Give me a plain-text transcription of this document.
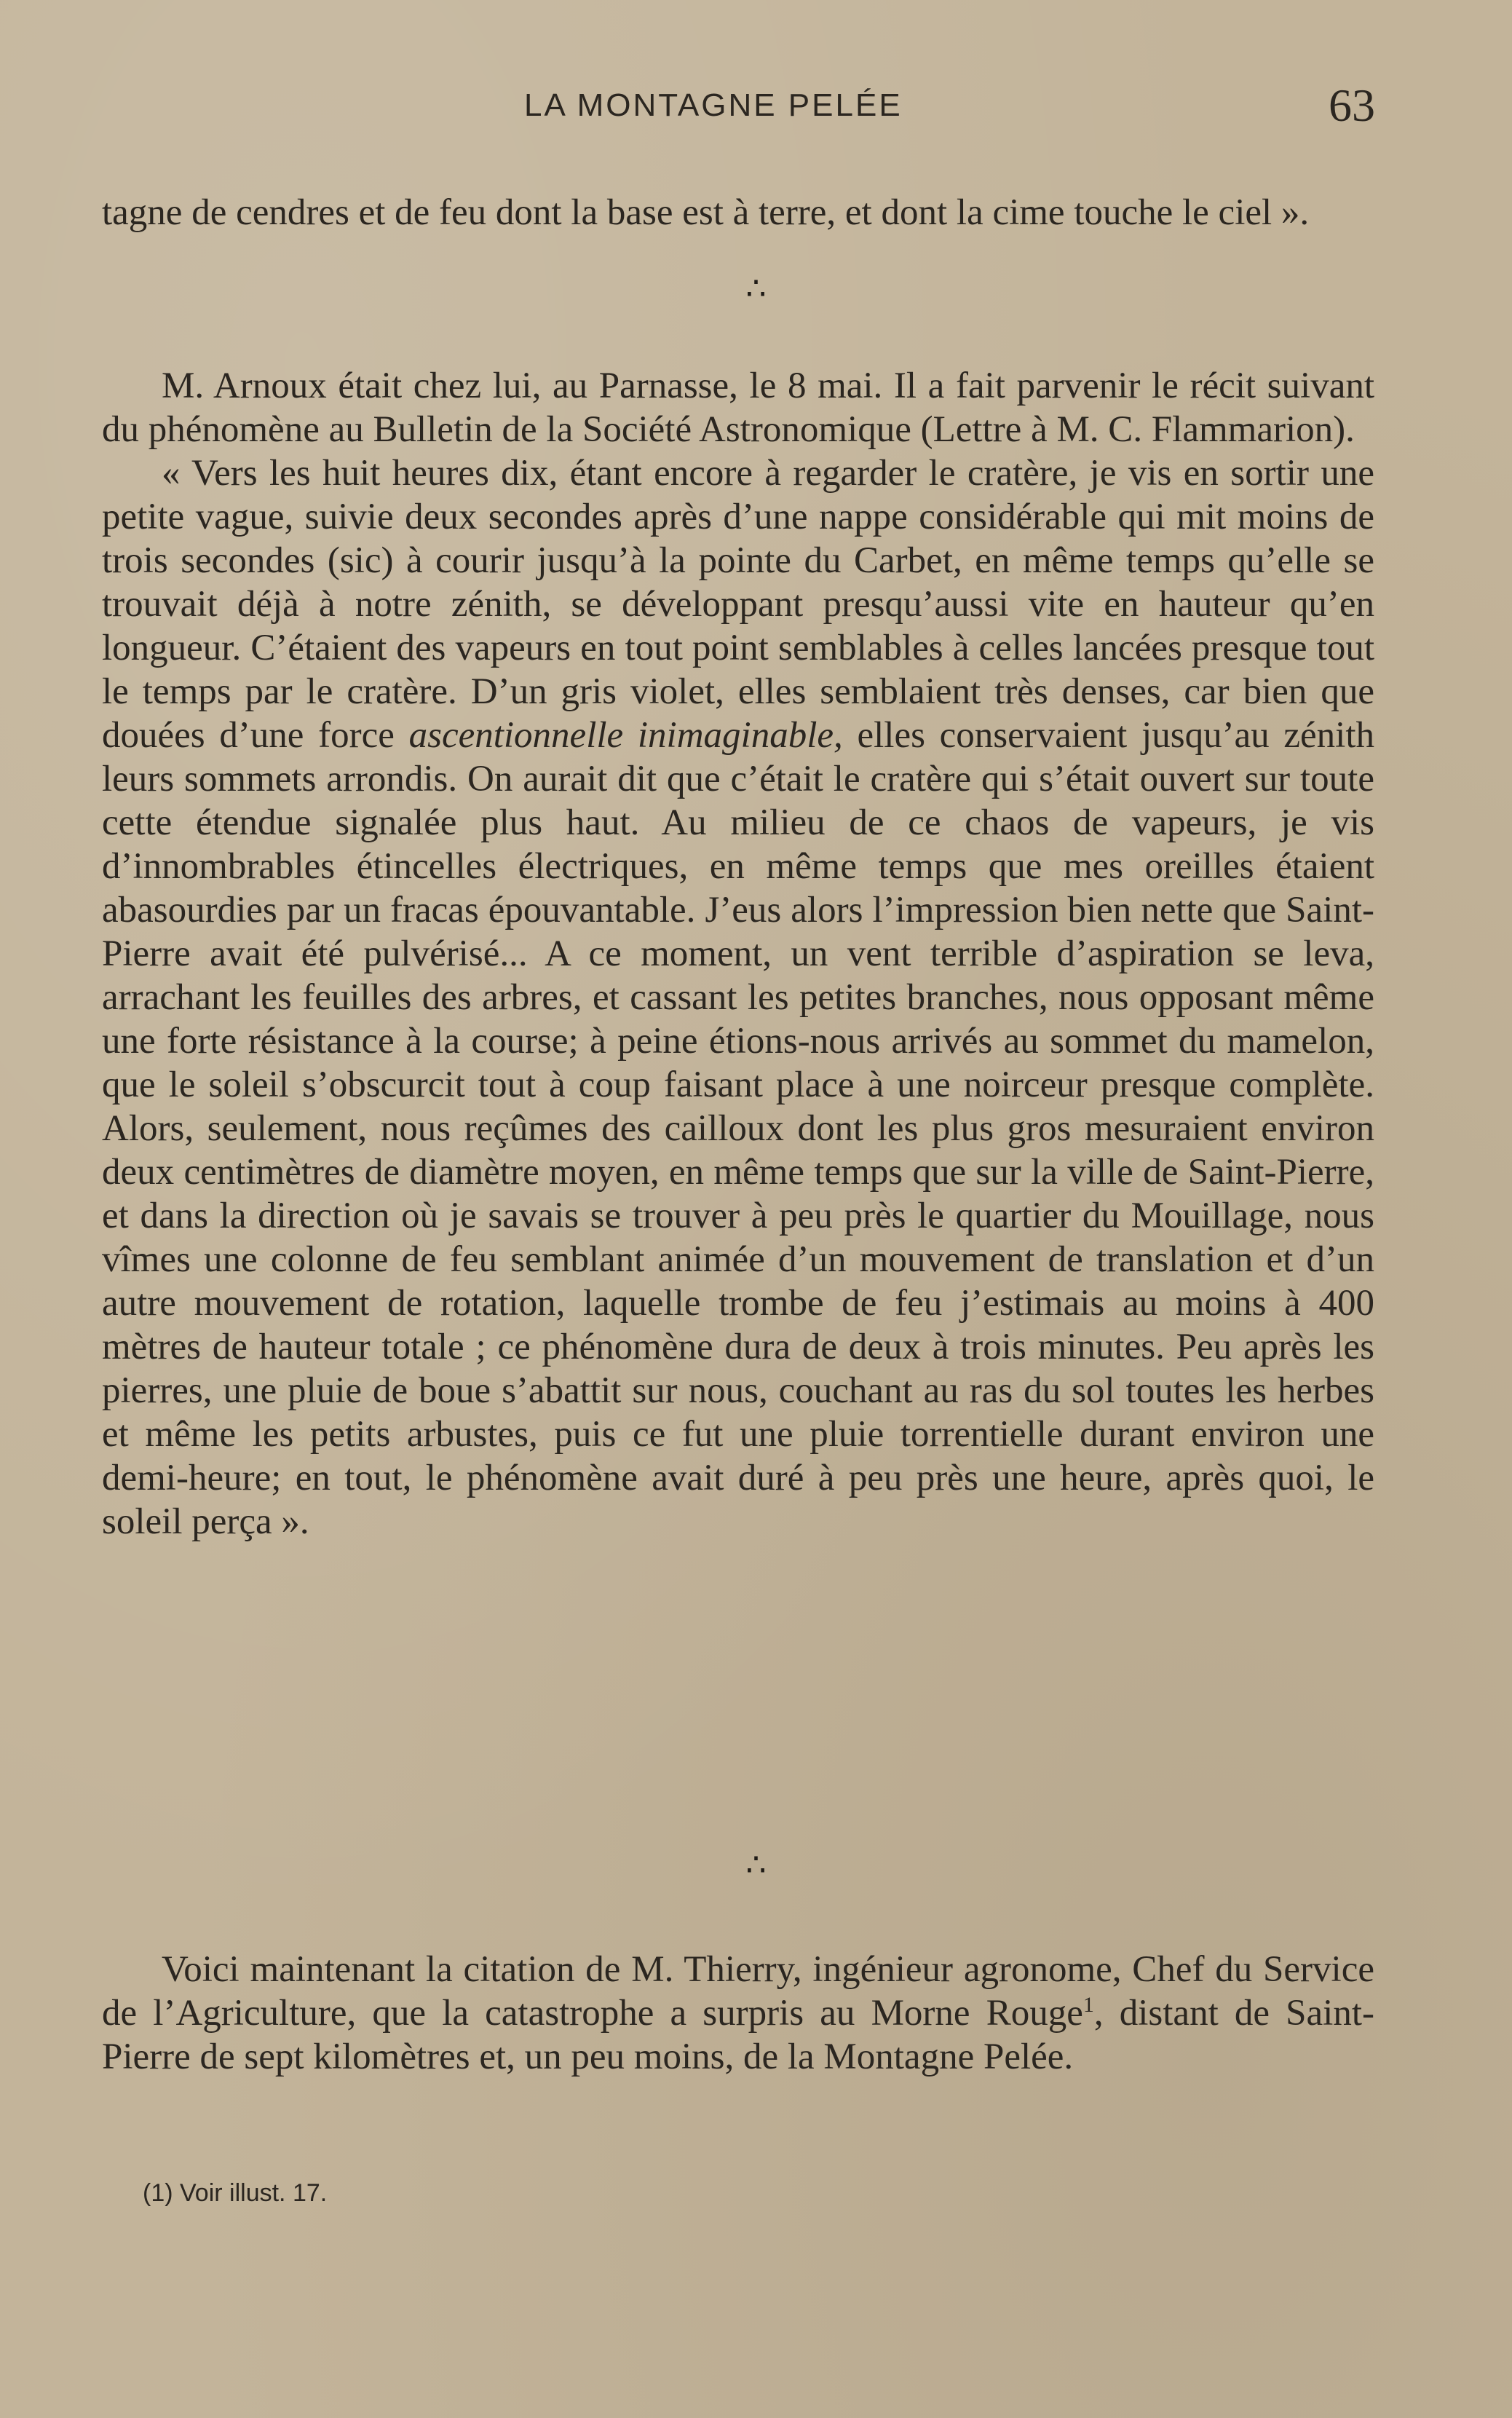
LA MONTAGNE PELÉE	63

tagne de cendres et de feu dont la base est à terre, et dont la cime touche le ciel ».

∴

M. Arnoux était chez lui, au Parnasse, le 8 mai. Il a fait parvenir le récit suivant du phénomène au Bulletin de la Société Astronomique (Lettre à M. C. Flammarion).

« Vers les huit heures dix, étant encore à regarder le cratère, je vis en sortir une petite vague, suivie deux secondes après d’une nappe considérable qui mit moins de trois secondes (sic) à courir jusqu’à la pointe du Carbet, en même temps qu’elle se trouvait déjà à notre zénith, se développant presqu’aussi vite en hauteur qu’en longueur. C’étaient des vapeurs en tout point semblables à celles lancées presque tout le temps par le cratère. D’un gris violet, elles semblaient très denses, car bien que douées d’une force ascentionnelle inimaginable, elles conservaient jusqu’au zénith leurs sommets arrondis. On aurait dit que c’était le cratère qui s’était ouvert sur toute cette étendue signalée plus haut. Au milieu de ce chaos de vapeurs, je vis d’innombrables étincelles électriques, en même temps que mes oreilles étaient abasourdies par un fracas épouvantable. J’eus alors l’impression bien nette que Saint-Pierre avait été pulvérisé... A ce moment, un vent terrible d’aspiration se leva, arrachant les feuilles des arbres, et cassant les petites branches, nous opposant même une forte résistance à la course; à peine étions-nous arrivés au sommet du mamelon, que le soleil s’obscurcit tout à coup faisant place à une noirceur presque complète. Alors, seulement, nous reçûmes des cailloux dont les plus gros mesuraient environ deux centimètres de diamètre moyen, en même temps que sur la ville de Saint-Pierre, et dans la direction où je savais se trouver à peu près le quartier du Mouillage, nous vîmes une colonne de feu semblant animée d’un mouvement de translation et d’un autre mouvement de rotation, laquelle trombe de feu j’estimais au moins à 400 mètres de hauteur totale ; ce phénomène dura de deux à trois minutes. Peu après les pierres, une pluie de boue s’abattit sur nous, couchant au ras du sol toutes les herbes et même les petits arbustes, puis ce fut une pluie torrentielle durant environ une demi-heure; en tout, le phénomène avait duré à peu près une heure, après quoi, le soleil perça ».

∴

Voici maintenant la citation de M. Thierry, ingénieur agronome, Chef du Service de l’Agriculture, que la catastrophe a surpris au Morne Rouge$^1$, distant de Saint-Pierre de sept kilomètres et, un peu moins, de la Montagne Pelée.

(1) Voir illust. 17.
